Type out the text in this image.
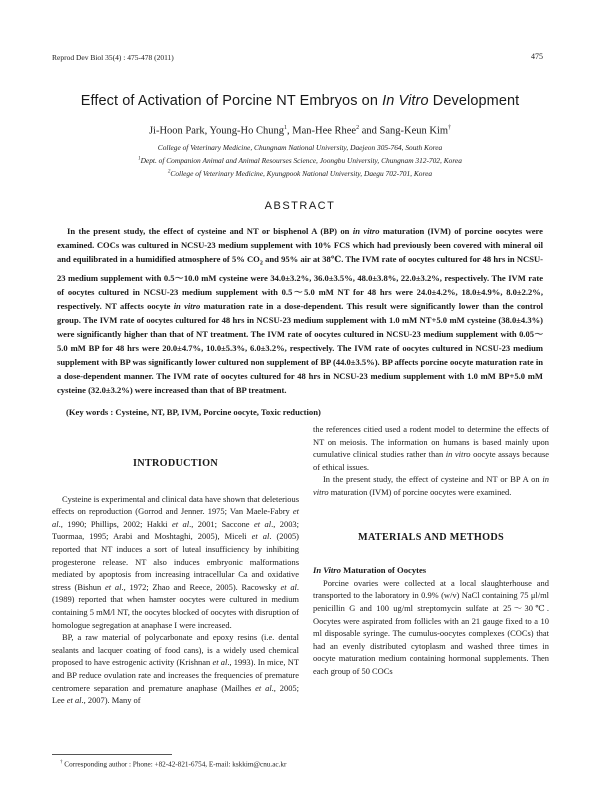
Reprod Dev Biol 35(4) : 475-478 (2011)	475
Effect of Activation of Porcine NT Embryos on In Vitro Development
Ji-Hoon Park, Young-Ho Chung$^1$, Man-Hee Rhee$^2$ and Sang-Keun Kim†
College of Veterinary Medicine, Chungnam National University, Daejeon 305-764, South Korea
$^1$Dept. of Companion Animal and Animal Resourses Science, Joongbu University, Chungnam 312-702, Korea
$^2$College of Veterinary Medicine, Kyungpook National University, Daegu 702-701, Korea
ABSTRACT
In the present study, the effect of cysteine and NT or bisphenol A (BP) on in vitro maturation (IVM) of porcine oocytes were examined. COCs was cultured in NCSU-23 medium supplement with 10% FCS which had previously been covered with mineral oil and equilibrated in a humidified atmosphere of 5% $CO_2$ and 95% air at 38℃. The IVM rate of oocytes cultured for 48 hrs in NCSU-23 medium supplement with 0.5～10.0 mM cysteine were 34.0±3.2%, 36.0±3.5%, 48.0±3.8%, 22.0±3.2%, respectively. The IVM rate of oocytes cultured in NCSU-23 medium supplement with 0.5～5.0 mM NT for 48 hrs were 24.0±4.2%, 18.0±4.9%, 8.0±2.2%, respectively. NT affects oocyte in vitro maturation rate in a dose-dependent. This result were significantly lower than the control group. The IVM rate of oocytes cultured for 48 hrs in NCSU-23 medium supplement with 1.0 mM NT+5.0 mM cysteine (38.0±4.3%) were significantly higher than that of NT treatment. The IVM rate of oocytes cultured in NCSU-23 medium supplement with 0.05～5.0 mM BP for 48 hrs were 20.0±4.7%, 10.0±5.3%, 6.0±3.2%, respectively. The IVM rate of oocytes cultured in NCSU-23 medium supplement with BP was significantly lower cultured non supplement of BP (44.0±3.5%). BP affects porcine oocyte maturation rate in a dose-dependent manner. The IVM rate of oocytes cultured for 48 hrs in NCSU-23 medium supplement with 1.0 mM BP+5.0 mM cysteine (32.0±3.2%) were increased than that of BP treatment.
(Key words : Cysteine, NT, BP, IVM, Porcine oocyte, Toxic reduction)
INTRODUCTION

Cysteine is experimental and clinical data have shown that deleterious effects on reproduction (Gorrod and Jenner. 1975; Van Maele-Fabry et al., 1990; Phillips, 2002; Hakki et al., 2001; Saccone et al., 2003; Tuormaa, 1995; Arabi and Moshtaghi, 2005), Miceli et al. (2005) reported that NT induces a sort of luteal insufficiency by inhibiting progesterone release. NT also induces embryonic malformations mediated by apoptosis from increasing intracellular Ca and oxidative stress (Bishun et al., 1972; Zhao and Reece, 2005). Racowsky et al. (1989) reported that when hamster oocytes were cultured in medium containing 5 mM/l NT, the oocytes blocked of oocytes with disruption of homologue segregation at anaphase I were increased.

BP, a raw material of polycarbonate and epoxy resins (i.e. dental sealants and lacquer coating of food cans), is a widely used chemical proposed to have estrogenic activity (Krishnan et al., 1993). In mice, NT and BP reduce ovulation rate and increases the frequencies of premature centromere separation and premature anaphase (Mailhes et al., 2005; Lee et al., 2007). Many of

the references citied used a rodent model to determine the effects of NT on meiosis. The information on humans is based mainly upon cumulative clinical studies rather than in vitro oocyte assays because of ethical issues.

In the present study, the effect of cysteine and NT or BP A on in vitro maturation (IVM) of porcine oocytes were examined.

MATERIALS AND METHODS
In Vitro Maturation of Oocytes

Porcine ovaries were collected at a local slaughterhouse and transported to the laboratory in 0.9% (w/v) NaCl containing 75 μl/ml penicillin G and 100 ug/ml streptomycin sulfate at 25～30℃. Oocytes were aspirated from follicles with an 21 gauge fixed to a 10 ml disposable syringe. The cumulus-oocytes complexes (COCs) that had an evenly distributed cytoplasm and washed three times in oocyte maturation medium containing hormonal supplements. Then each group of 50 COCs

† Corresponding author : Phone: +82-42-821-6754, E-mail: kskkim@cnu.ac.kr
